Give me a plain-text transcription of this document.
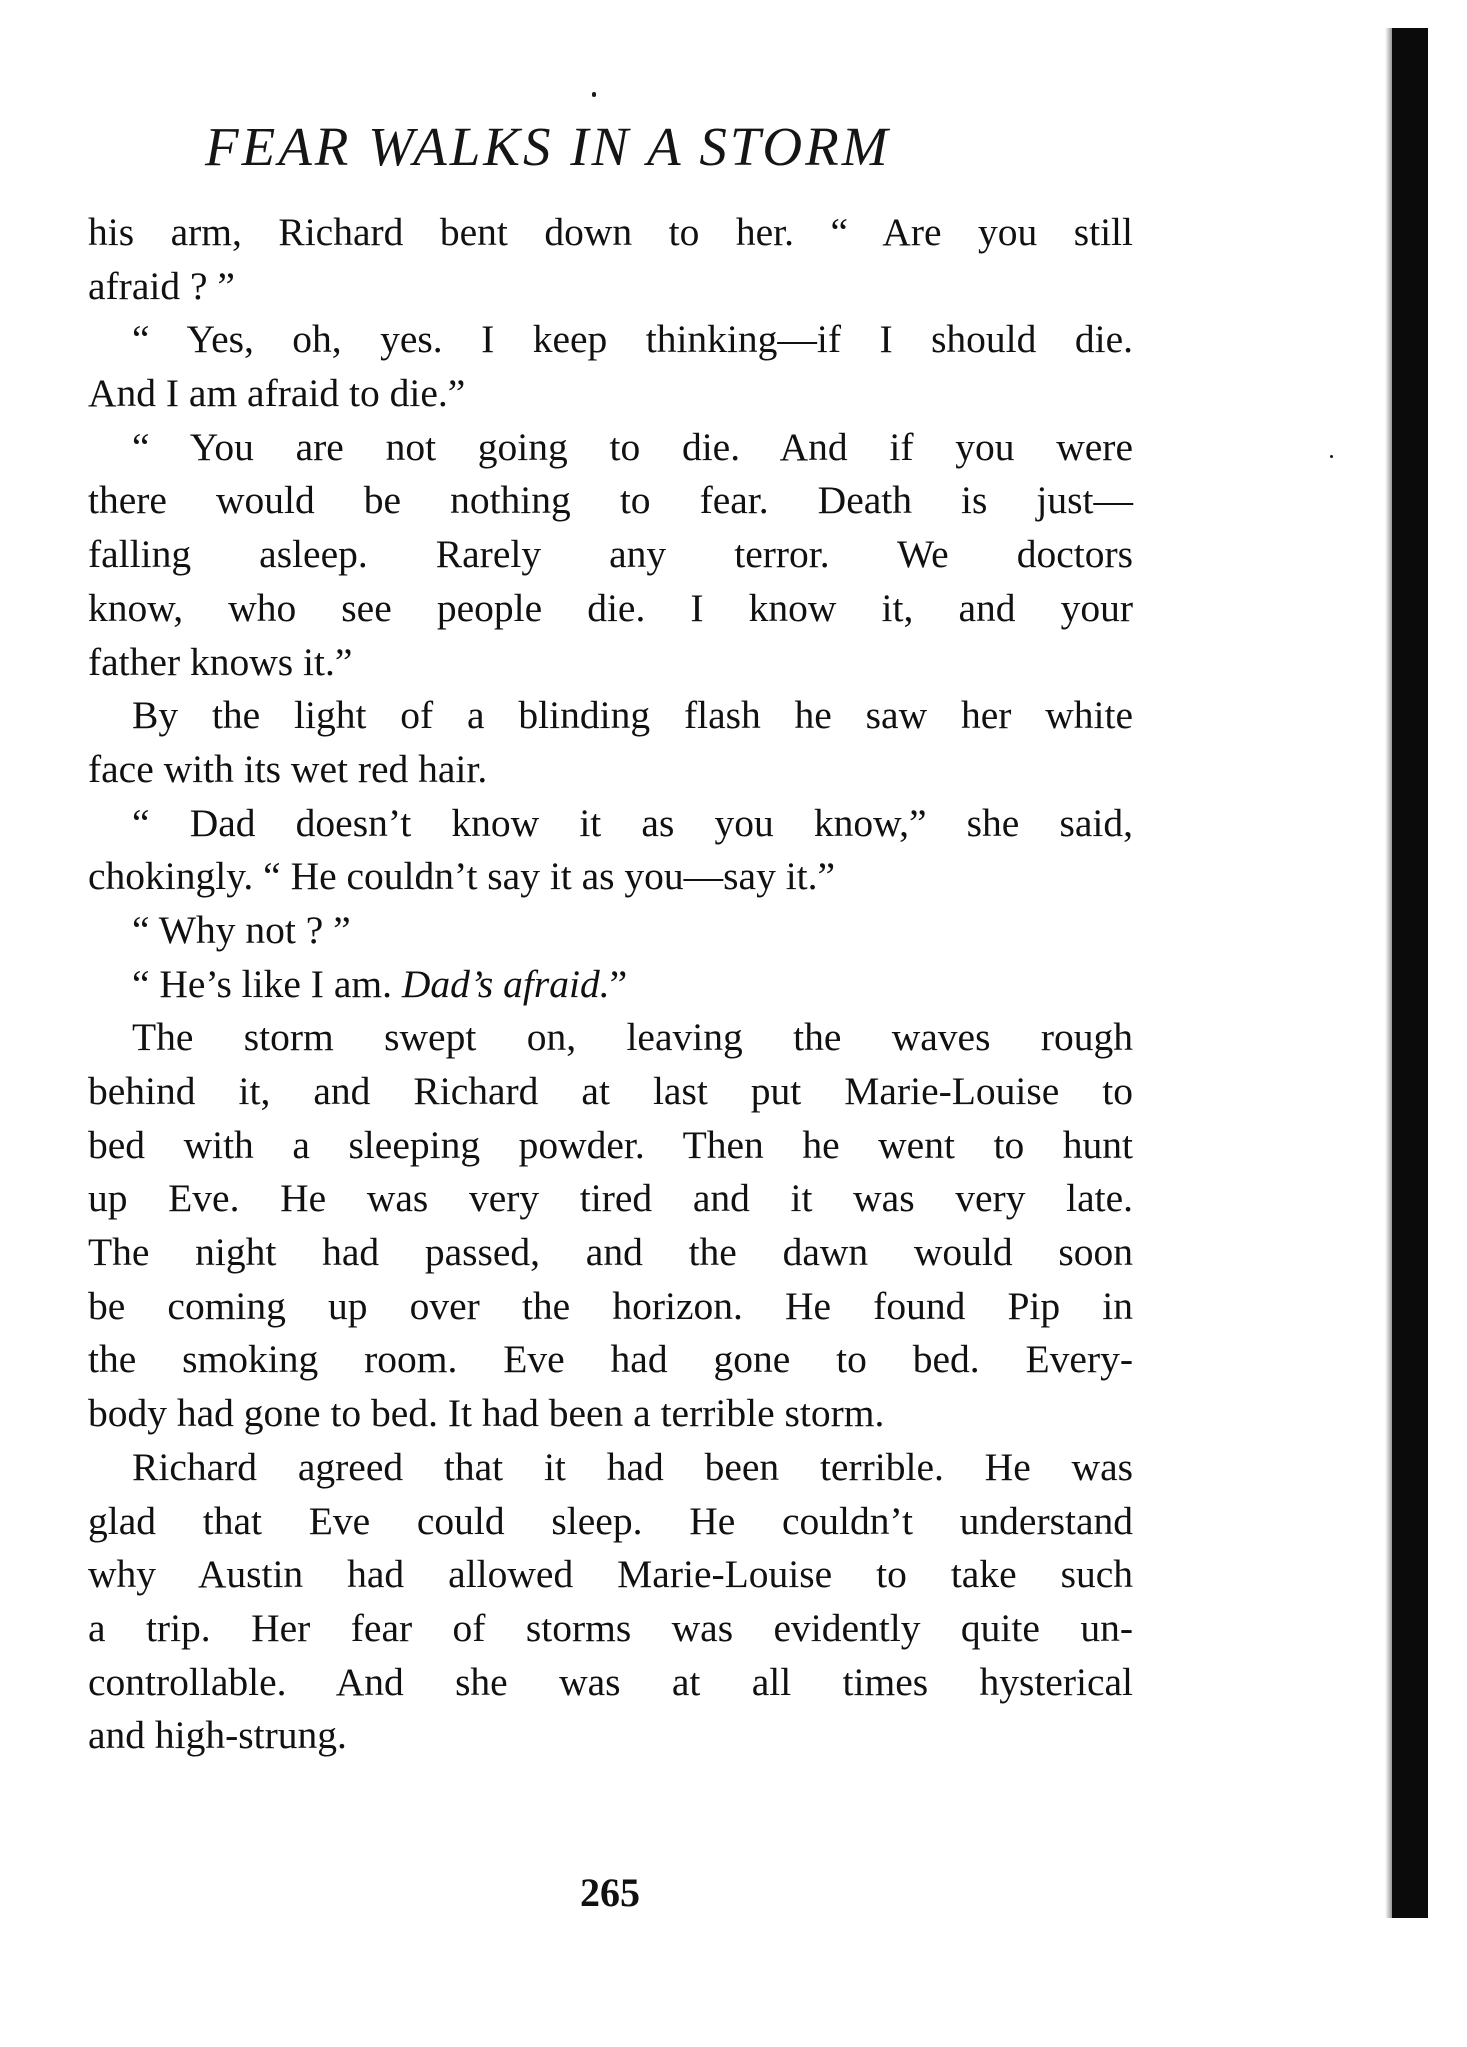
FEAR WALKS IN A STORM
his arm, Richard bent down to her. “ Are you still
afraid ? ”
“ Yes, oh, yes. I keep thinking—if I should die.
And I am afraid to die.”
“ You are not going to die. And if you were
there would be nothing to fear. Death is just—
falling asleep. Rarely any terror. We doctors
know, who see people die. I know it, and your
father knows it.”
By the light of a blinding flash he saw her white
face with its wet red hair.
“ Dad doesn’t know it as you know,” she said,
chokingly. “ He couldn’t say it as you—say it.”
“ Why not ? ”
“ He’s like I am. Dad’s afraid.”
The storm swept on, leaving the waves rough
behind it, and Richard at last put Marie-Louise to
bed with a sleeping powder. Then he went to hunt
up Eve. He was very tired and it was very late.
The night had passed, and the dawn would soon
be coming up over the horizon. He found Pip in
the smoking room. Eve had gone to bed. Every-
body had gone to bed. It had been a terrible storm.
Richard agreed that it had been terrible. He was
glad that Eve could sleep. He couldn’t understand
why Austin had allowed Marie-Louise to take such
a trip. Her fear of storms was evidently quite un-
controllable. And she was at all times hysterical
and high-strung.
265
